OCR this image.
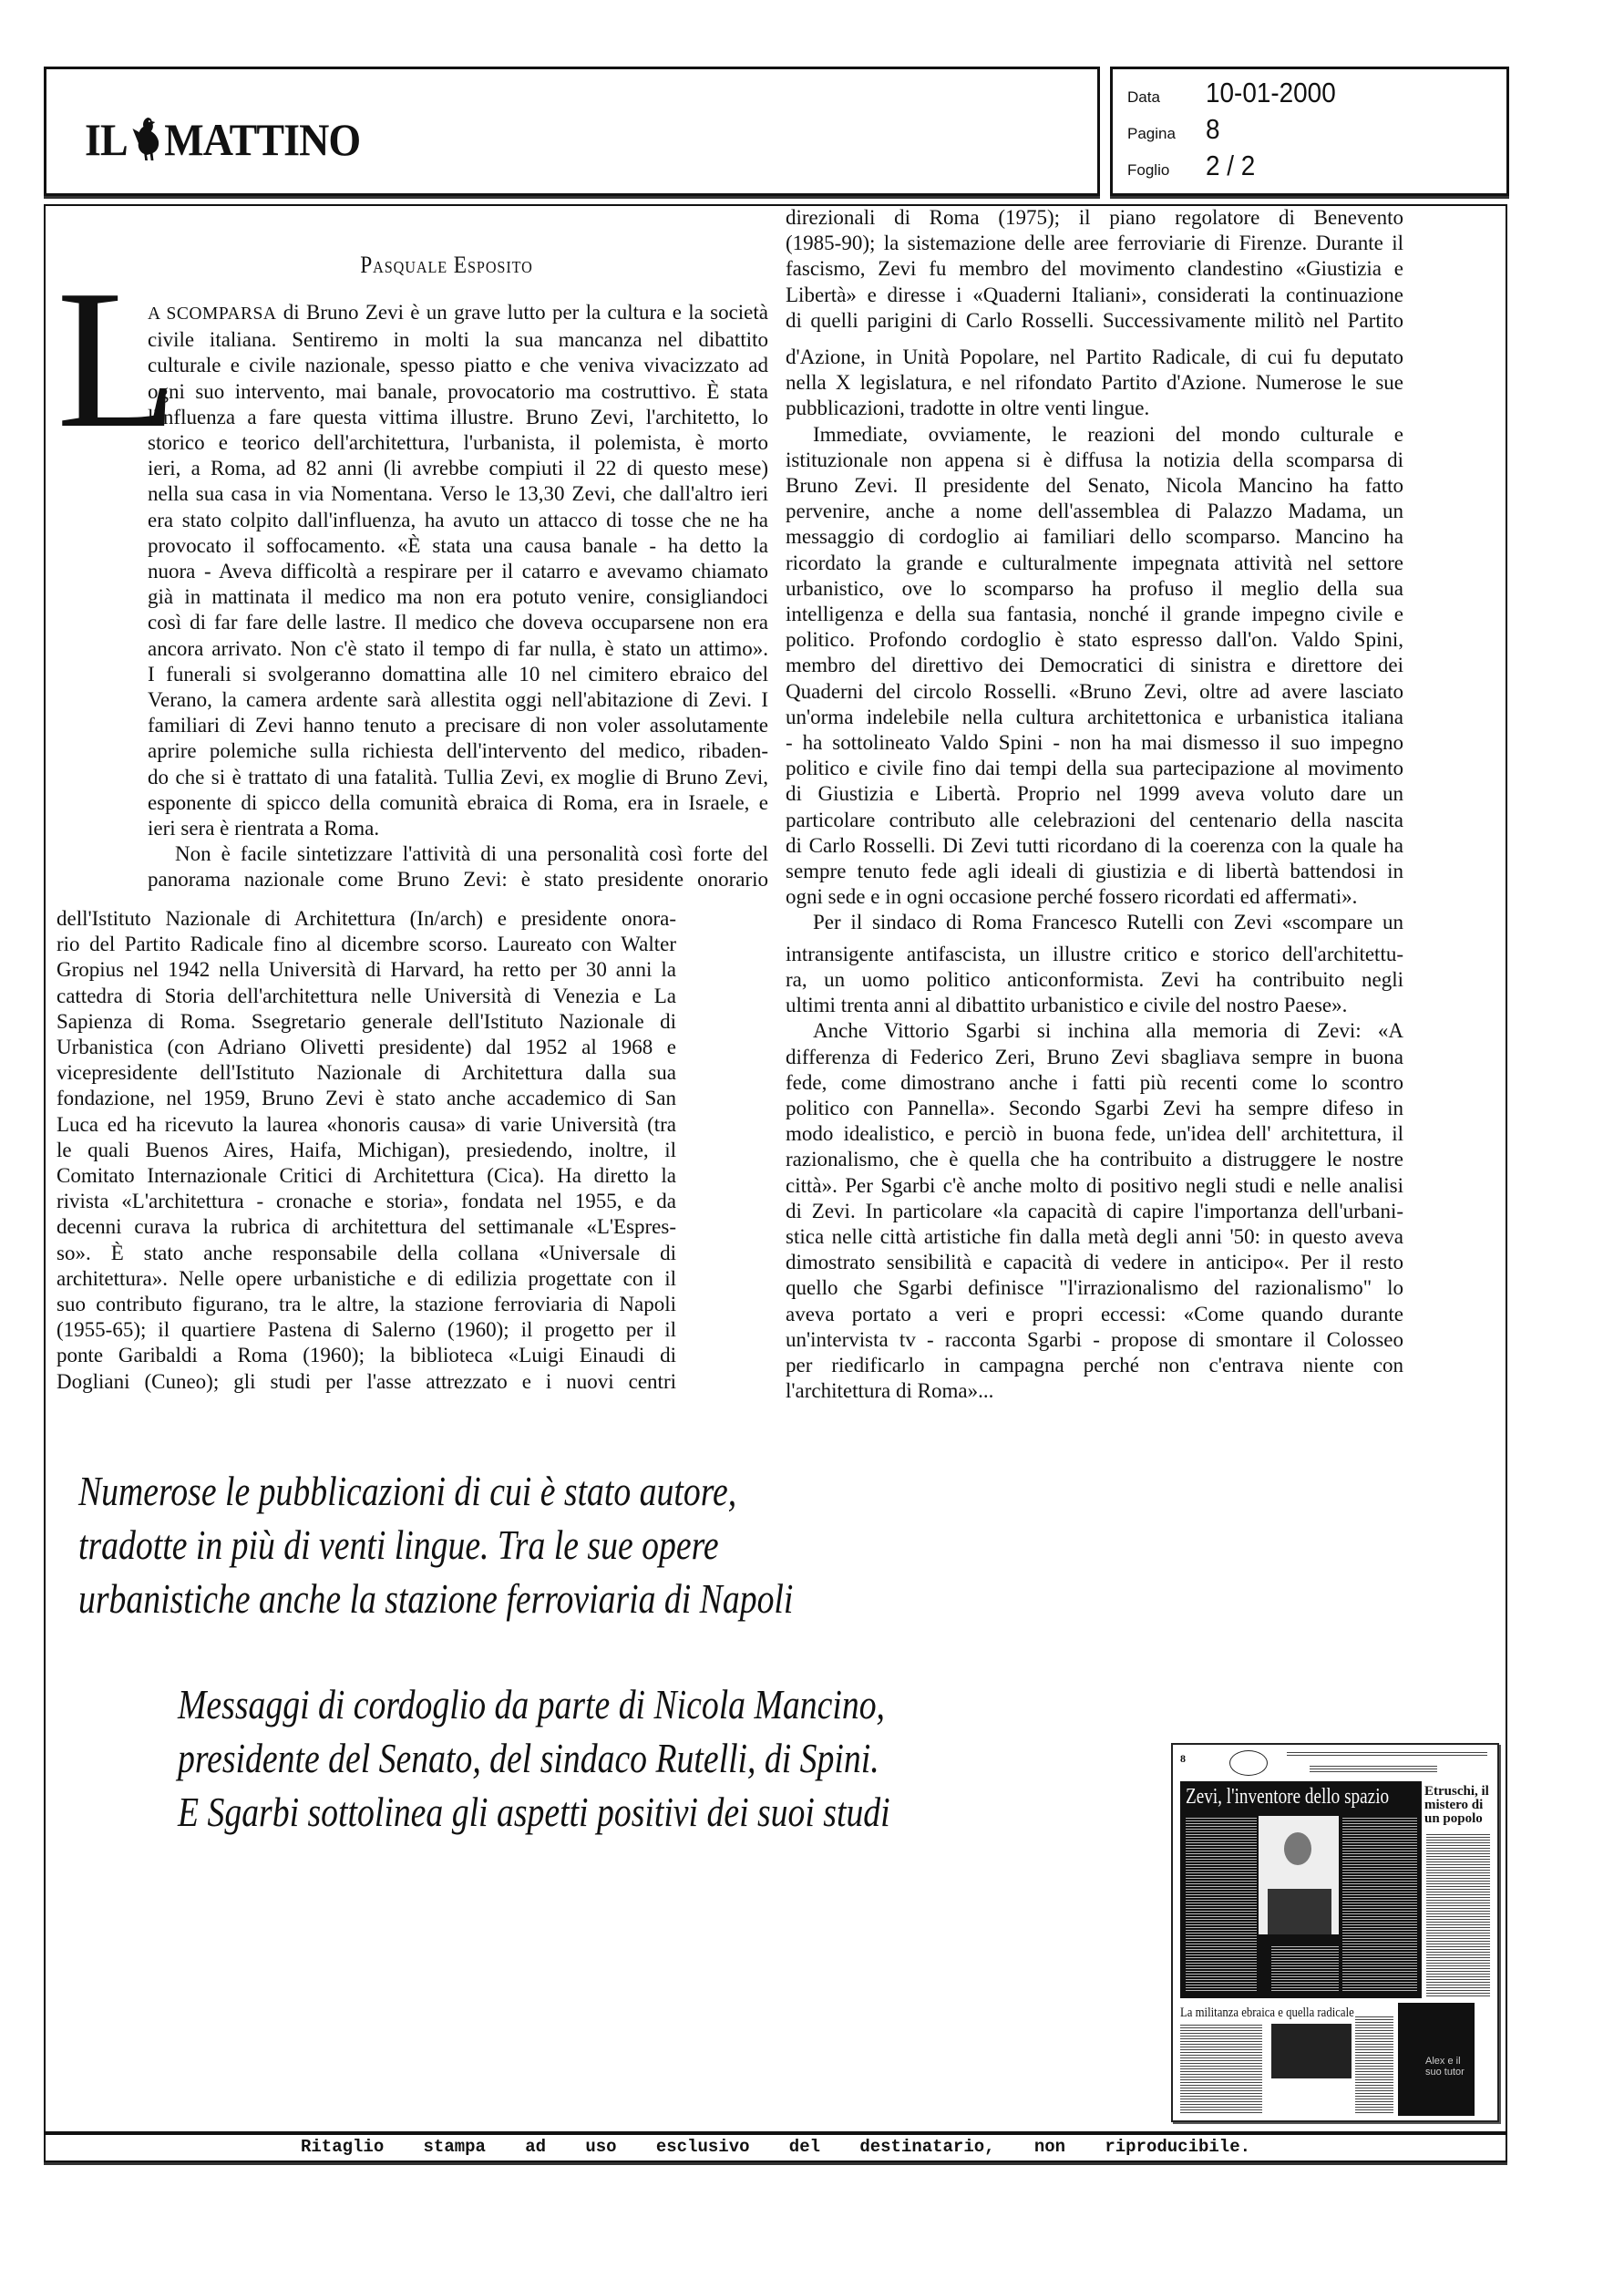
IL MATTINO
Data	10-01-2000
Pagina	8
Foglio	2 / 2
Pasquale Esposito
L
A SCOMPARSA di Bruno Zevi è un grave lutto per la cultura e la società
civile italiana. Sentiremo in molti la sua mancanza nel dibattito
culturale e civile nazionale, spesso piatto e che veniva vivacizzato ad
ogni suo intervento, mai banale, provocatorio ma costruttivo. È stata
l'influenza a fare questa vittima illustre. Bruno Zevi, l'architetto, lo
storico e teorico dell'architettura, l'urbanista, il polemista, è morto
ieri, a Roma, ad 82 anni (li avrebbe compiuti il 22 di questo mese)
nella sua casa in via Nomentana. Verso le 13,30 Zevi, che dall'altro ieri
era stato colpito dall'influenza, ha avuto un attacco di tosse che ne ha
provocato il soffocamento. «È stata una causa banale - ha detto la
nuora - Aveva difficoltà a respirare per il catarro e avevamo chiamato
già in mattinata il medico ma non era potuto venire, consigliandoci
così di far fare delle lastre. Il medico che doveva occuparsene non era
ancora arrivato. Non c'è stato il tempo di far nulla, è stato un attimo».
I funerali si svolgeranno domattina alle 10 nel cimitero ebraico del
Verano, la camera ardente sarà allestita oggi nell'abitazione di Zevi. I
familiari di Zevi hanno tenuto a precisare di non voler assolutamente
aprire polemiche sulla richiesta dell'intervento del medico, ribaden-
do che si è trattato di una fatalità. Tullia Zevi, ex moglie di Bruno Zevi,
esponente di spicco della comunità ebraica di Roma, era in Israele, e
ieri sera è rientrata a Roma.
Non è facile sintetizzare l'attività di una personalità così forte del
panorama nazionale come Bruno Zevi: è stato presidente onorario
dell'Istituto Nazionale di Architettura (In/arch) e presidente onora-
rio del Partito Radicale fino al dicembre scorso. Laureato con Walter
Gropius nel 1942 nella Università di Harvard, ha retto per 30 anni la
cattedra di Storia dell'architettura nelle Università di Venezia e La
Sapienza di Roma. Ssegretario generale dell'Istituto Nazionale di
Urbanistica (con Adriano Olivetti presidente) dal 1952 al 1968 e
vicepresidente dell'Istituto Nazionale di Architettura dalla sua
fondazione, nel 1959, Bruno Zevi è stato anche accademico di San
Luca ed ha ricevuto la laurea «honoris causa» di varie Università (tra
le quali Buenos Aires, Haifa, Michigan), presiedendo, inoltre, il
Comitato Internazionale Critici di Architettura (Cica). Ha diretto la
rivista «L'architettura - cronache e storia», fondata nel 1955, e da
decenni curava la rubrica di architettura del settimanale «L'Espres-
so». È stato anche responsabile della collana «Universale di
architettura». Nelle opere urbanistiche e di edilizia progettate con il
suo contributo figurano, tra le altre, la stazione ferroviaria di Napoli
(1955-65); il quartiere Pastena di Salerno (1960); il progetto per il
ponte Garibaldi a Roma (1960); la biblioteca «Luigi Einaudi di
Dogliani (Cuneo); gli studi per l'asse attrezzato e i nuovi centri
direzionali di Roma (1975); il piano regolatore di Benevento
(1985-90); la sistemazione delle aree ferroviarie di Firenze. Durante il
fascismo, Zevi fu membro del movimento clandestino «Giustizia e
Libertà» e diresse i «Quaderni Italiani», considerati la continuazione
di quelli parigini di Carlo Rosselli. Successivamente militò nel Partito
d'Azione, in Unità Popolare, nel Partito Radicale, di cui fu deputato
nella X legislatura, e nel rifondato Partito d'Azione. Numerose le sue
pubblicazioni, tradotte in oltre venti lingue.
Immediate, ovviamente, le reazioni del mondo culturale e
istituzionale non appena si è diffusa la notizia della scomparsa di
Bruno Zevi. Il presidente del Senato, Nicola Mancino ha fatto
pervenire, anche a nome dell'assemblea di Palazzo Madama, un
messaggio di cordoglio ai familiari dello scomparso. Mancino ha
ricordato la grande e culturalmente impegnata attività nel settore
urbanistico, ove lo scomparso ha profuso il meglio della sua
intelligenza e della sua fantasia, nonché il grande impegno civile e
politico. Profondo cordoglio è stato espresso dall'on. Valdo Spini,
membro del direttivo dei Democratici di sinistra e direttore dei
Quaderni del circolo Rosselli. «Bruno Zevi, oltre ad avere lasciato
un'orma indelebile nella cultura architettonica e urbanistica italiana
- ha sottolineato Valdo Spini - non ha mai dismesso il suo impegno
politico e civile fino dai tempi della sua partecipazione al movimento
di Giustizia e Libertà. Proprio nel 1999 aveva voluto dare un
particolare contributo alle celebrazioni del centenario della nascita
di Carlo Rosselli. Di Zevi tutti ricordano di la coerenza con la quale ha
sempre tenuto fede agli ideali di giustizia e di libertà battendosi in
ogni sede e in ogni occasione perché fossero ricordati ed affermati».
Per il sindaco di Roma Francesco Rutelli con Zevi «scompare un
intransigente antifascista, un illustre critico e storico dell'architettu-
ra, un uomo politico anticonformista. Zevi ha contribuito negli
ultimi trenta anni al dibattito urbanistico e civile del nostro Paese».
Anche Vittorio Sgarbi si inchina alla memoria di Zevi: «A
differenza di Federico Zeri, Bruno Zevi sbagliava sempre in buona
fede, come dimostrano anche i fatti più recenti come lo scontro
politico con Pannella». Secondo Sgarbi Zevi ha sempre difeso in
modo idealistico, e perciò in buona fede, un'idea dell' architettura, il
razionalismo, che è quella che ha contribuito a distruggere le nostre
città». Per Sgarbi c'è anche molto di positivo negli studi e nelle analisi
di Zevi. In particolare «la capacità di capire l'importanza dell'urbani-
stica nelle città artistiche fin dalla metà degli anni '50: in questo aveva
dimostrato sensibilità e capacità di vedere in anticipo«. Per il resto
quello che Sgarbi definisce "l'irrazionalismo del razionalismo" lo
aveva portato a veri e propri eccessi: «Come quando durante
un'intervista tv - racconta Sgarbi - propose di smontare il Colosseo
per riedificarlo in campagna perché non c'entrava niente con
l'architettura di Roma»...
Numerose le pubblicazioni di cui è stato autore,
tradotte in più di venti lingue. Tra le sue opere
urbanistiche anche la stazione ferroviaria di Napoli
Messaggi di cordoglio da parte di Nicola Mancino,
presidente del Senato, del sindaco Rutelli, di Spini.
E Sgarbi sottolinea gli aspetti positivi dei suoi studi
8
Zevi, l'inventore dello spazio	Etruschi, il mistero di un popolo
La militanza ebraica e quella radicale
Alex e il suo tutor
Ritaglio stampa ad uso esclusivo del destinatario, non riproducibile.
